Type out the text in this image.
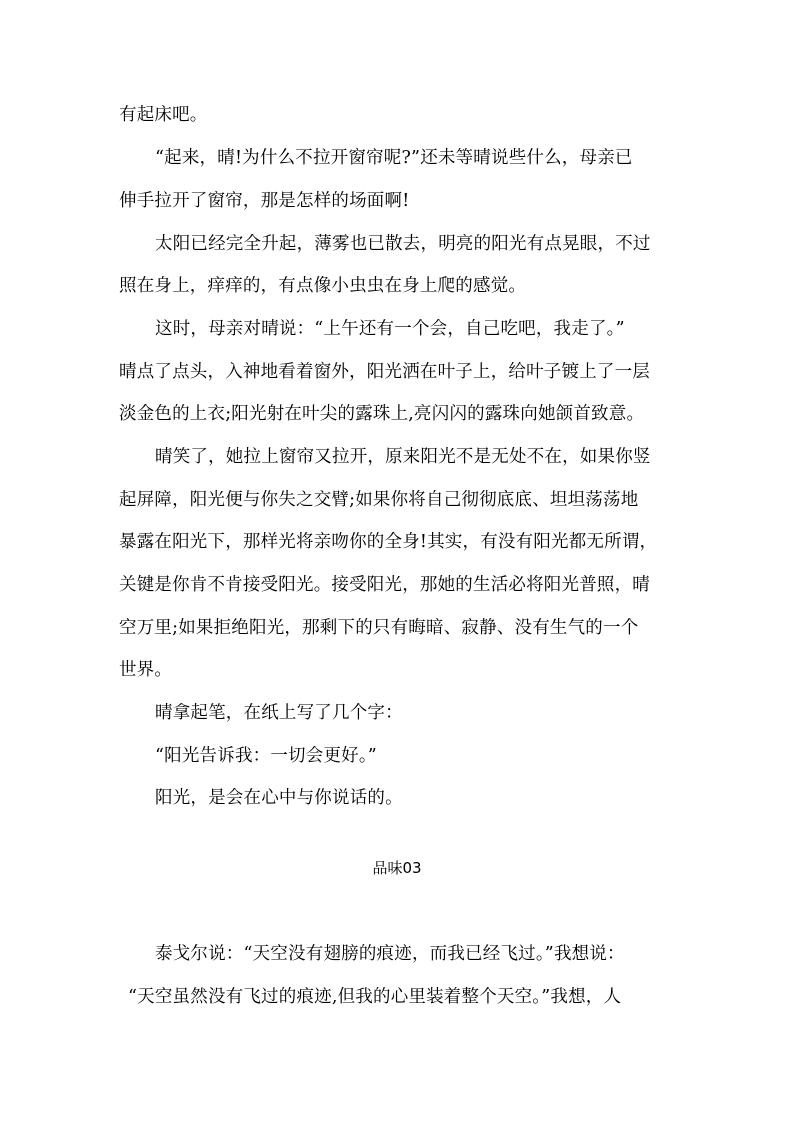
有起床吧。
“起来，晴!为什么不拉开窗帘呢?”还未等晴说些什么，母亲已
伸手拉开了窗帘，那是怎样的场面啊!
太阳已经完全升起，薄雾也已散去，明亮的阳光有点晃眼，不过
照在身上，痒痒的，有点像小虫虫在身上爬的感觉。
这时，母亲对晴说：“上午还有一个会，自己吃吧，我走了。”
晴点了点头，入神地看着窗外，阳光洒在叶子上，给叶子镀上了一层
淡金色的上衣;阳光射在叶尖的露珠上,亮闪闪的露珠向她颌首致意。
晴笑了，她拉上窗帘又拉开，原来阳光不是无处不在，如果你竖
起屏障，阳光便与你失之交臂;如果你将自己彻彻底底、坦坦荡荡地
暴露在阳光下，那样光将亲吻你的全身!其实，有没有阳光都无所谓，
关键是你肯不肯接受阳光。接受阳光，那她的生活必将阳光普照，晴
空万里;如果拒绝阳光，那剩下的只有晦暗、寂静、没有生气的一个
世界。
晴拿起笔，在纸上写了几个字：
“阳光告诉我：一切会更好。”
阳光，是会在心中与你说话的。
品味03
泰戈尔说：“天空没有翅膀的痕迹，而我已经飞过。”我想说：
“天空虽然没有飞过的痕迹,但我的心里装着整个天空。”我想，人
